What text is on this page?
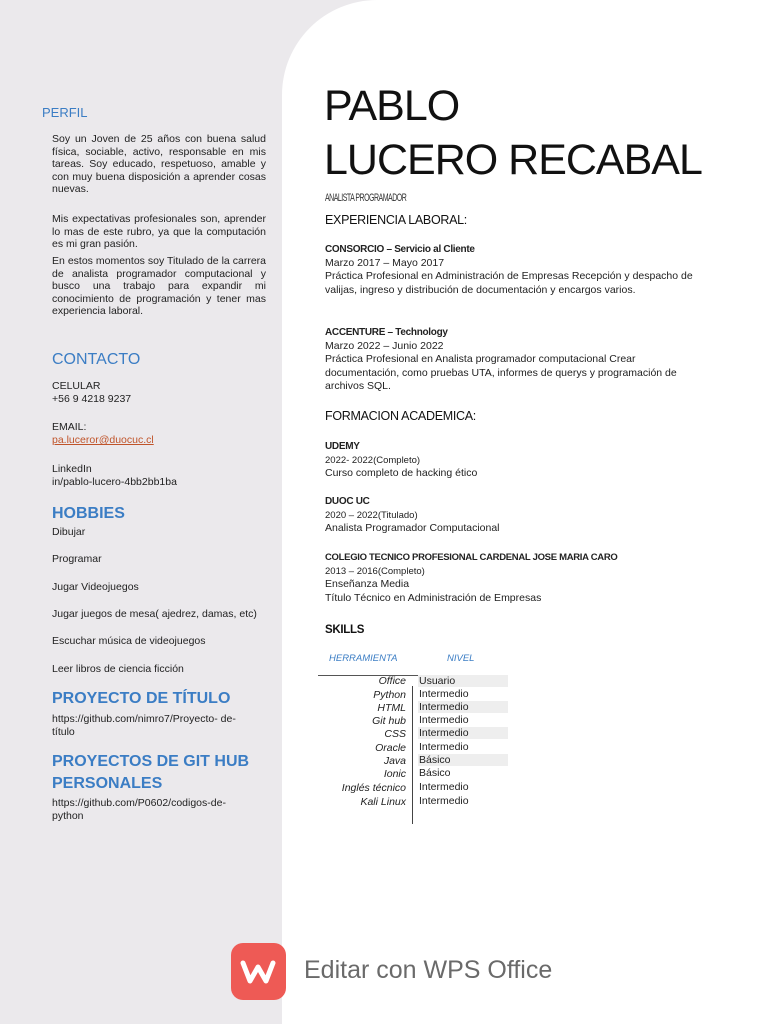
PERFIL

Soy un Joven de 25 años con buena salud física, sociable, activo, responsable en mis tareas. Soy educado, respetuoso, amable y con muy buena disposición a aprender cosas nuevas.

Mis expectativas profesionales son, aprender lo mas de este rubro, ya que la computación es mi gran pasión.

En estos momentos soy Titulado de la carrera de analista programador computacional y busco una trabajo para expandir mi conocimiento de programación y tener mas experiencia laboral.

CONTACTO

CELULAR

+56 9 4218 9237

EMAIL:

pa.luceror@duocuc.cl

LinkedIn

in/pablo-lucero-4bb2bb1ba

HOBBIES

Dibujar

Programar

Jugar Videojuegos

Jugar juegos de mesa( ajedrez, damas, etc)

Escuchar música de videojuegos

Leer libros de ciencia ficción

PROYECTO DE TÍTULO

https://github.com/nimro7/Proyecto- de-título

PROYECTOS DE GIT HUB
PERSONALES

https://github.com/P0602/codigos-de-python

PABLO
LUCERO RECABAL
ANALISTA PROGRAMADOR
EXPERIENCIA LABORAL:
CONSORCIO – Servicio al Cliente
Marzo 2017 – Mayo 2017
Práctica Profesional en Administración de Empresas Recepción y despacho de valijas, ingreso y distribución de documentación y encargos varios.
ACCENTURE – Technology
Marzo 2022 – Junio 2022
Práctica Profesional en Analista programador computacional Crear documentación, como pruebas UTA, informes de querys y programación de archivos SQL.
FORMACION ACADEMICA:
UDEMY
2022- 2022(Completo)
Curso completo de hacking ético
DUOC UC
2020 – 2022(Titulado)
Analista Programador Computacional
COLEGIO TECNICO PROFESIONAL CARDENAL JOSE MARIA CARO
2013 – 2016(Completo)
Enseñanza Media
Título Técnico en Administración de Empresas
SKILLS
HERRAMIENTA	NIVEL
Office Usuario
Python Intermedio
HTML Intermedio
Git hub Intermedio
CSS Intermedio
Oracle Intermedio
Java Básico
Ionic Básico
Inglés técnico Intermedio
Kali Linux Intermedio
Editar con WPS Office
